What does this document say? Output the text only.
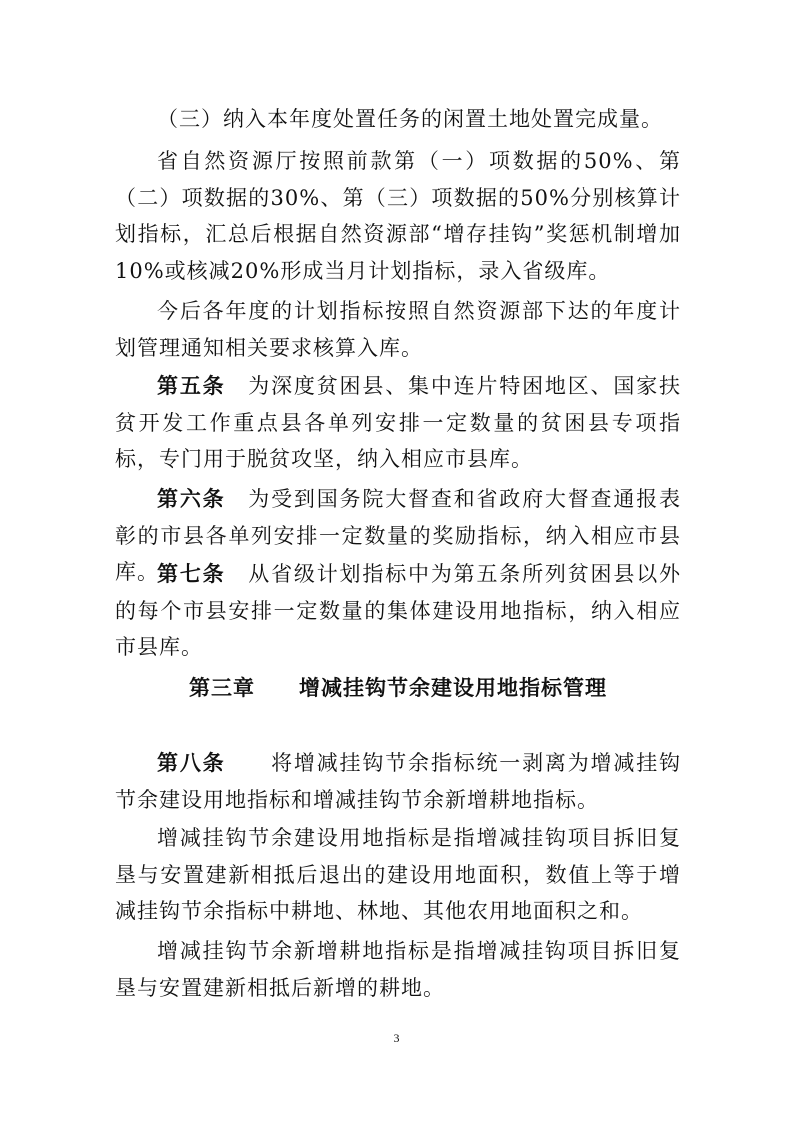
（三）纳入本年度处置任务的闲置土地处置完成量。

省自然资源厅按照前款第（一）项数据的50%、第（二）项数据的30%、第（三）项数据的50%分别核算计划指标，汇总后根据自然资源部“增存挂钩”奖惩机制增加10%或核减20%形成当月计划指标，录入省级库。

今后各年度的计划指标按照自然资源部下达的年度计划管理通知相关要求核算入库。

第五条　为深度贫困县、集中连片特困地区、国家扶贫开发工作重点县各单列安排一定数量的贫困县专项指标，专门用于脱贫攻坚，纳入相应市县库。

第六条　为受到国务院大督查和省政府大督查通报表彰的市县各单列安排一定数量的奖励指标，纳入相应市县库。

第七条　从省级计划指标中为第五条所列贫困县以外的每个市县安排一定数量的集体建设用地指标，纳入相应市县库。

第三章　　增减挂钩节余建设用地指标管理

第八条　　将增减挂钩节余指标统一剥离为增减挂钩节余建设用地指标和增减挂钩节余新增耕地指标。

增减挂钩节余建设用地指标是指增减挂钩项目拆旧复垦与安置建新相抵后退出的建设用地面积，数值上等于增减挂钩节余指标中耕地、林地、其他农用地面积之和。

增减挂钩节余新增耕地指标是指增减挂钩项目拆旧复垦与安置建新相抵后新增的耕地。

3
